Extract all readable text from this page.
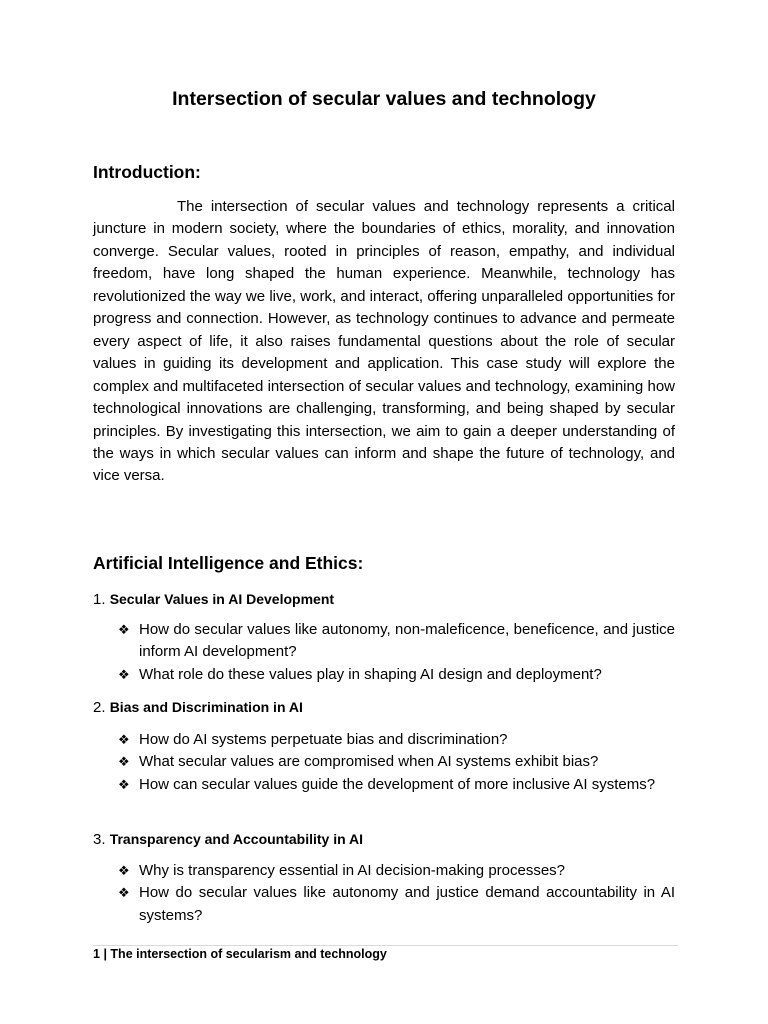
Intersection of secular values and technology
Introduction:

The intersection of secular values and technology represents a critical juncture in modern society, where the boundaries of ethics, morality, and innovation converge. Secular values, rooted in principles of reason, empathy, and individual freedom, have long shaped the human experience. Meanwhile, technology has revolutionized the way we live, work, and interact, offering unparalleled opportunities for progress and connection. However, as technology continues to advance and permeate every aspect of life, it also raises fundamental questions about the role of secular values in guiding its development and application. This case study will explore the complex and multifaceted intersection of secular values and technology, examining how technological innovations are challenging, transforming, and being shaped by secular principles. By investigating this intersection, we aim to gain a deeper understanding of the ways in which secular values can inform and shape the future of technology, and vice versa.

Artificial Intelligence and Ethics:

1. Secular Values in AI Development

❖ How do secular values like autonomy, non-maleficence, beneficence, and justice inform AI development?
❖ What role do these values play in shaping AI design and deployment?

2. Bias and Discrimination in AI

❖ How do AI systems perpetuate bias and discrimination?
❖ What secular values are compromised when AI systems exhibit bias?
❖ How can secular values guide the development of more inclusive AI systems?

3. Transparency and Accountability in AI

❖ Why is transparency essential in AI decision-making processes?
❖ How do secular values like autonomy and justice demand accountability in AI systems?

1 | The intersection of secularism and technology
